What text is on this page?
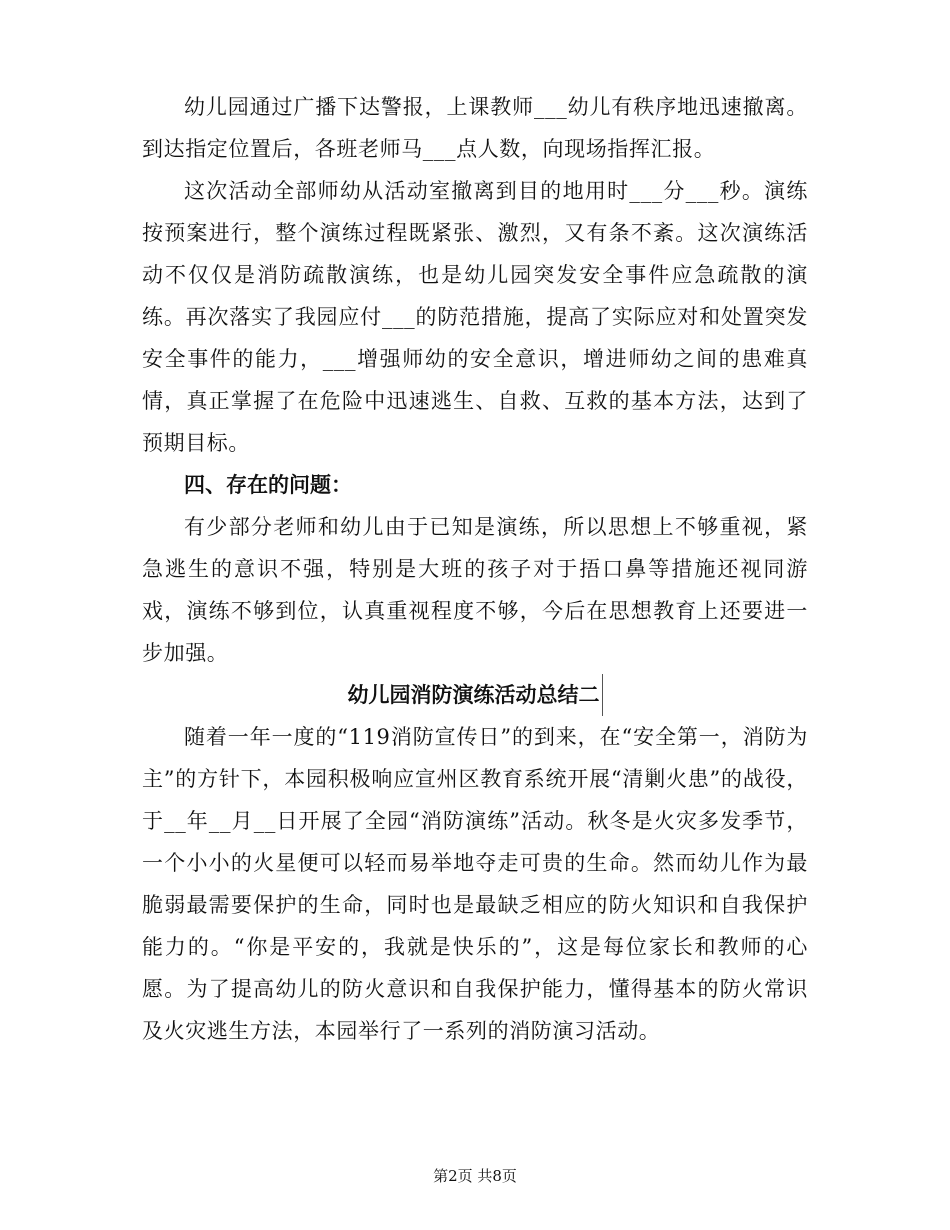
幼儿园通过广播下达警报，上课教师___幼儿有秩序地迅速撤离。到达指定位置后，各班老师马___点人数，向现场指挥汇报。

这次活动全部师幼从活动室撤离到目的地用时___分___秒。演练按预案进行，整个演练过程既紧张、激烈，又有条不紊。这次演练活动不仅仅是消防疏散演练，也是幼儿园突发安全事件应急疏散的演练。再次落实了我园应付___的防范措施，提高了实际应对和处置突发安全事件的能力，___增强师幼的安全意识，增进师幼之间的患难真情，真正掌握了在危险中迅速逃生、自救、互救的基本方法，达到了预期目标。

四、存在的问题：

有少部分老师和幼儿由于已知是演练，所以思想上不够重视，紧急逃生的意识不强，特别是大班的孩子对于捂口鼻等措施还视同游戏，演练不够到位，认真重视程度不够，今后在思想教育上还要进一步加强。

幼儿园消防演练活动总结二

随着一年一度的“119消防宣传日”的到来，在“安全第一，消防为主”的方针下，本园积极响应宣州区教育系统开展“清剿火患”的战役，于__年__月__日开展了全园“消防演练”活动。秋冬是火灾多发季节，一个小小的火星便可以轻而易举地夺走可贵的生命。然而幼儿作为最脆弱最需要保护的生命，同时也是最缺乏相应的防火知识和自我保护能力的。“你是平安的，我就是快乐的”，这是每位家长和教师的心愿。为了提高幼儿的防火意识和自我保护能力，懂得基本的防火常识及火灾逃生方法，本园举行了一系列的消防演习活动。

第2页 共8页
